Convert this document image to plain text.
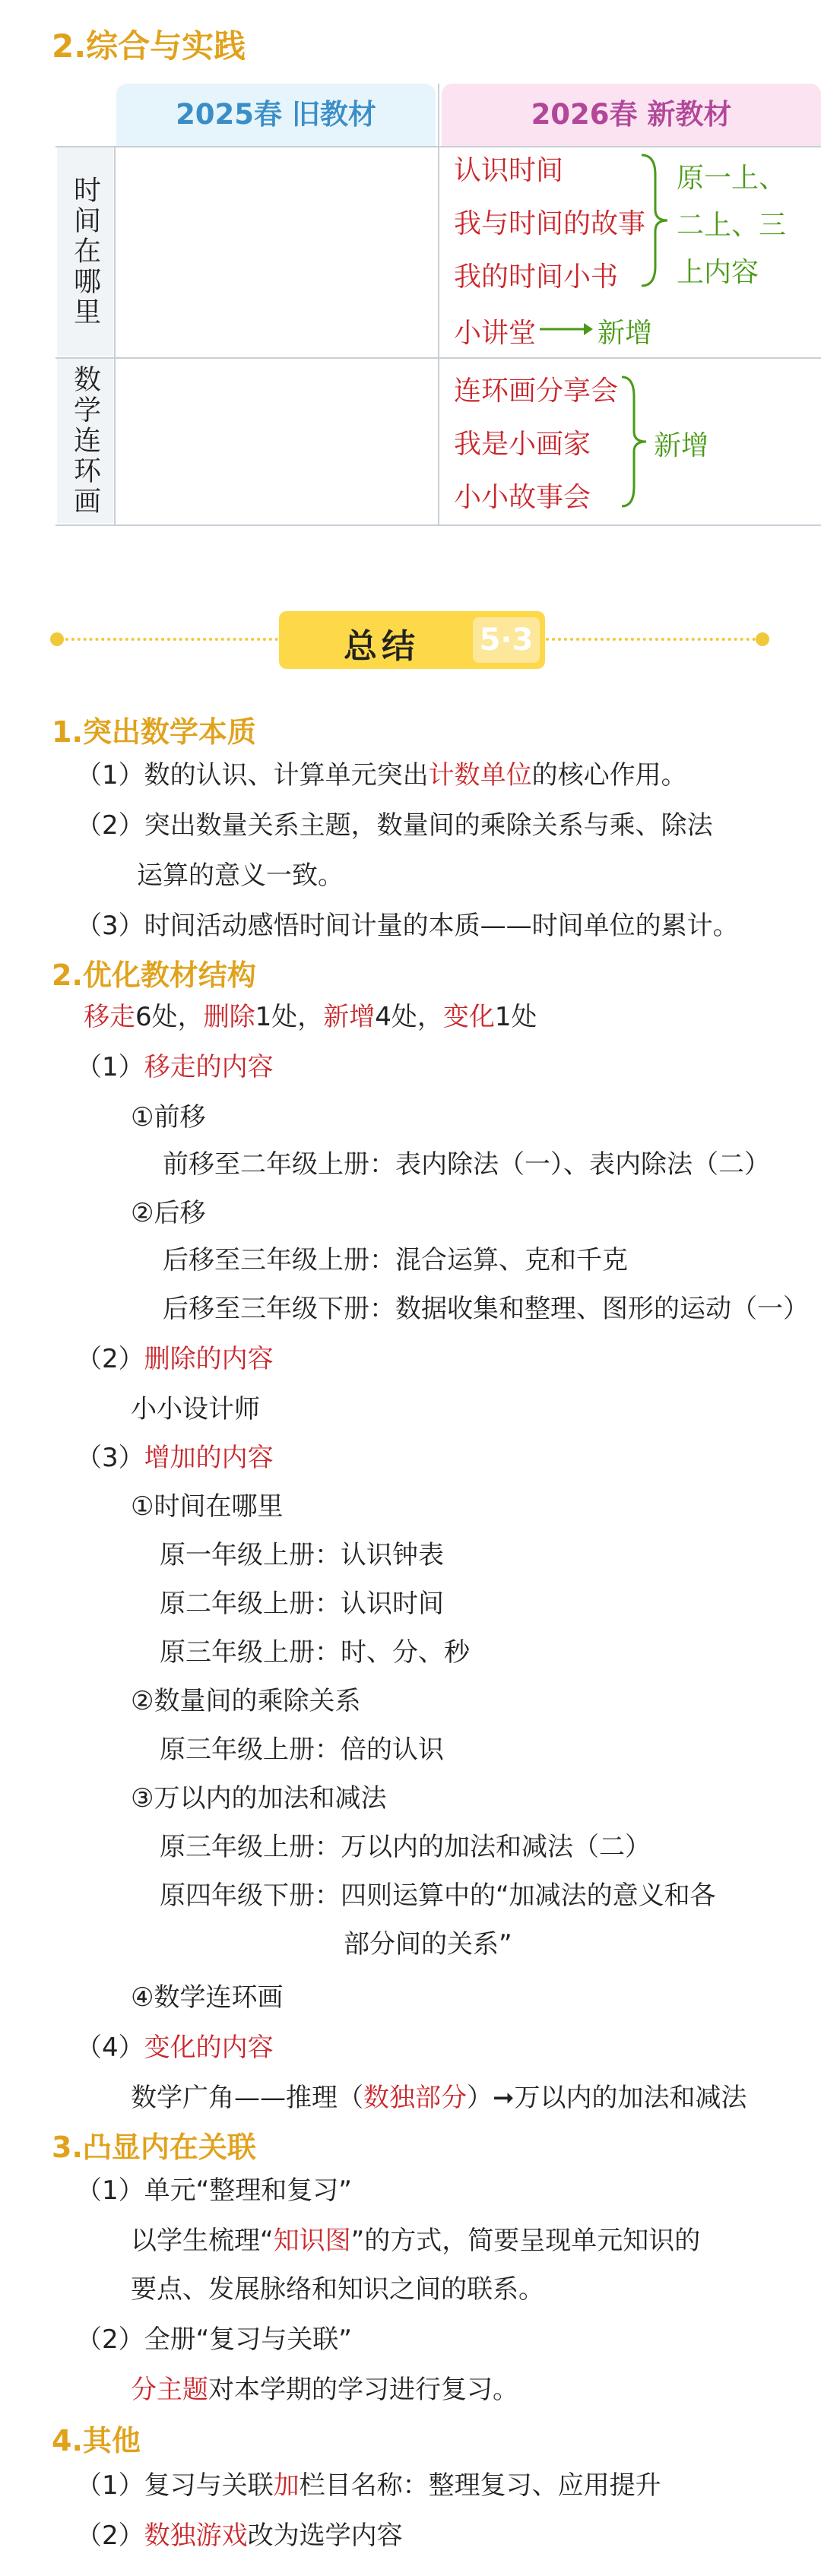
2.综合与实践
2025春 旧教材	2026春 新教材
时间在哪里
数学连环画
认识时间
我与时间的故事
我的时间小书
原一上、
二上、三
上内容
小讲堂 新增
连环画分享会
我是小画家
小小故事会
新增
总结 5·3
1.突出数学本质
（1）数的认识、计算单元突出计数单位的核心作用。
（2）突出数量关系主题，数量间的乘除关系与乘、除法
运算的意义一致。
（3）时间活动感悟时间计量的本质——时间单位的累计。
2.优化教材结构
移走6处，删除1处，新增4处，变化1处
（1）移走的内容
①前移
前移至二年级上册：表内除法（一）、表内除法（二）
②后移
后移至三年级上册：混合运算、克和千克
后移至三年级下册：数据收集和整理、图形的运动（一）
（2）删除的内容
小小设计师
（3）增加的内容
①时间在哪里
原一年级上册：认识钟表
原二年级上册：认识时间
原三年级上册：时、分、秒
②数量间的乘除关系
原三年级上册：倍的认识
③万以内的加法和减法
原三年级上册：万以内的加法和减法（二）
原四年级下册：四则运算中的“加减法的意义和各
部分间的关系”
④数学连环画
（4）变化的内容
数学广角——推理（数独部分）➞万以内的加法和减法
3.凸显内在关联
（1）单元“整理和复习”
以学生梳理“知识图”的方式，简要呈现单元知识的
要点、发展脉络和知识之间的联系。
（2）全册“复习与关联”
分主题对本学期的学习进行复习。
4.其他
（1）复习与关联加栏目名称：整理复习、应用提升
（2）数独游戏改为选学内容
